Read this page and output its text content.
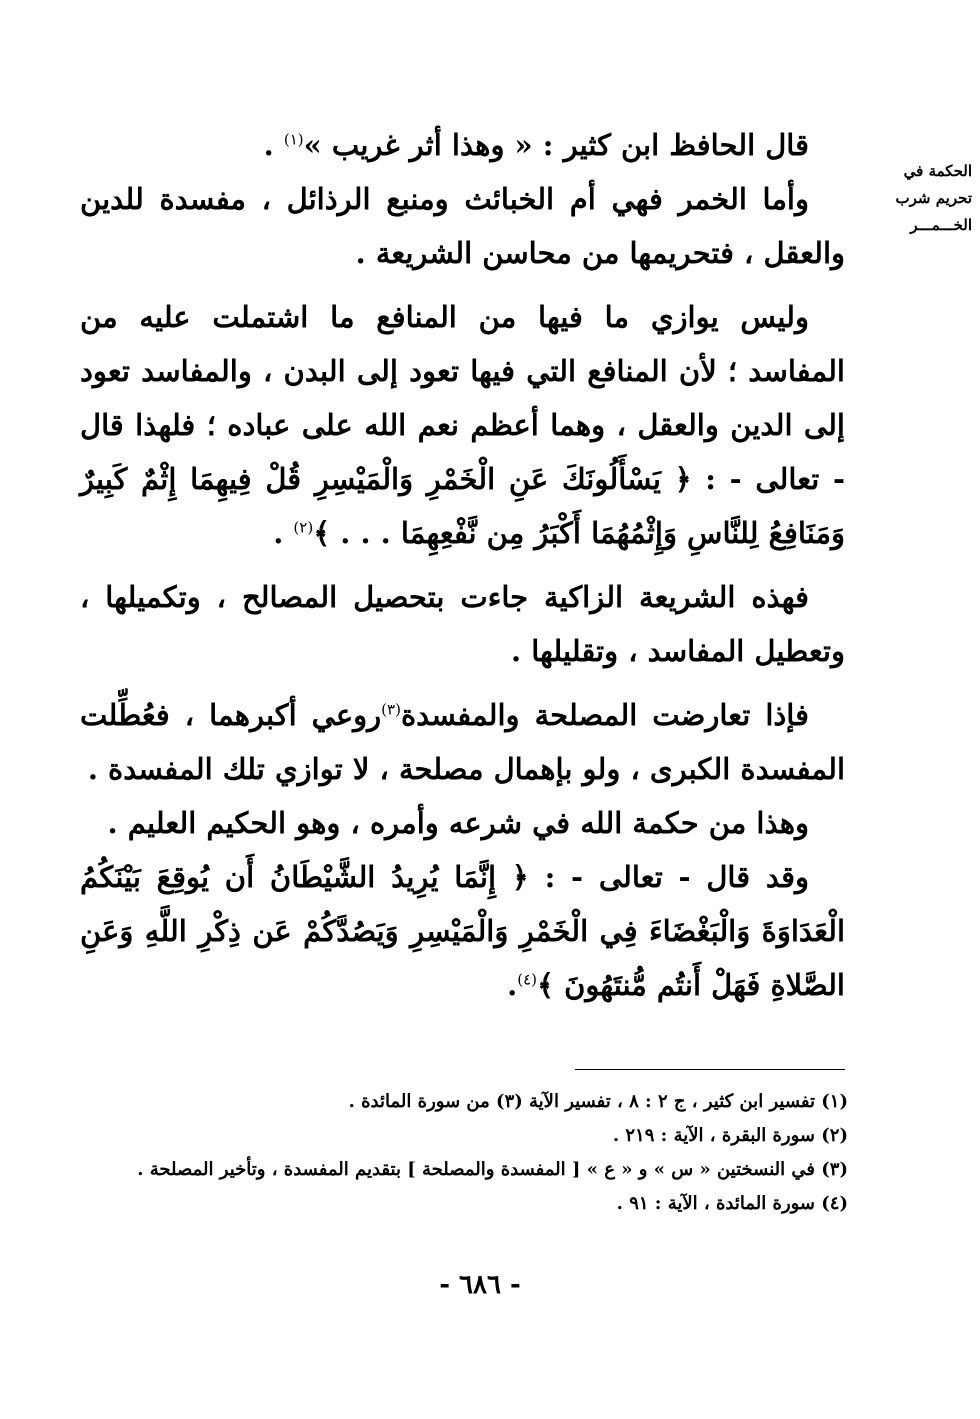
الحكمة في
تحريم شرب
الخـــمـــر

قال الحافظ ابن كثير : « وهذا أثر غريب »$^{(١)}$ .

وأما الخمر فهي أم الخبائث ومنبع الرذائل ، مفسدة للدين والعقل ، فتحريمها من محاسن الشريعة .

وليس يوازي ما فيها من المنافع ما اشتملت عليه من المفاسد ؛ لأن المنافع التي فيها تعود إلى البدن ، والمفاسد تعود إلى الدين والعقل ، وهما أعظم نعم الله على عباده ؛ فلهذا قال - تعالى - : ﴿ يَسْأَلُونَكَ عَنِ الْخَمْرِ وَالْمَيْسِرِ قُلْ فِيهِمَا إِثْمٌ كَبِيرٌ وَمَنَافِعُ لِلنَّاسِ وَإِثْمُهُمَا أَكْبَرُ مِن نَّفْعِهِمَا . . . ﴾$^{(٢)}$ .

فهذه الشريعة الزاكية جاءت بتحصيل المصالح ، وتكميلها ، وتعطيل المفاسد ، وتقليلها .

فإذا تعارضت المصلحة والمفسدة$^{(٣)}$روعي أكبرهما ، فعُطِّلت المفسدة الكبرى ، ولو بإهمال مصلحة ، لا توازي تلك المفسدة .

وهذا من حكمة الله في شرعه وأمره ، وهو الحكيم العليم .

وقد قال - تعالى - : ﴿ إِنَّمَا يُرِيدُ الشَّيْطَانُ أَن يُوقِعَ بَيْنَكُمُ الْعَدَاوَةَ وَالْبَغْضَاءَ فِي الْخَمْرِ وَالْمَيْسِرِ وَيَصُدَّكُمْ عَن ذِكْرِ اللَّهِ وَعَنِ الصَّلاةِ فَهَلْ أَنتُم مُّنتَهُونَ ﴾$^{(٤)}$.

(١) تفسير ابن كثير ، ج ٢ : ٨ ، تفسير الآية (٣) من سورة المائدة .
(٢) سورة البقرة ، الآية : ٢١٩ .
(٣) في النسختين « س » و « ع » [ المفسدة والمصلحة ] بتقديم المفسدة ، وتأخير المصلحة .
(٤) سورة المائدة ، الآية : ٩١ .
- ٦٨٦ -
